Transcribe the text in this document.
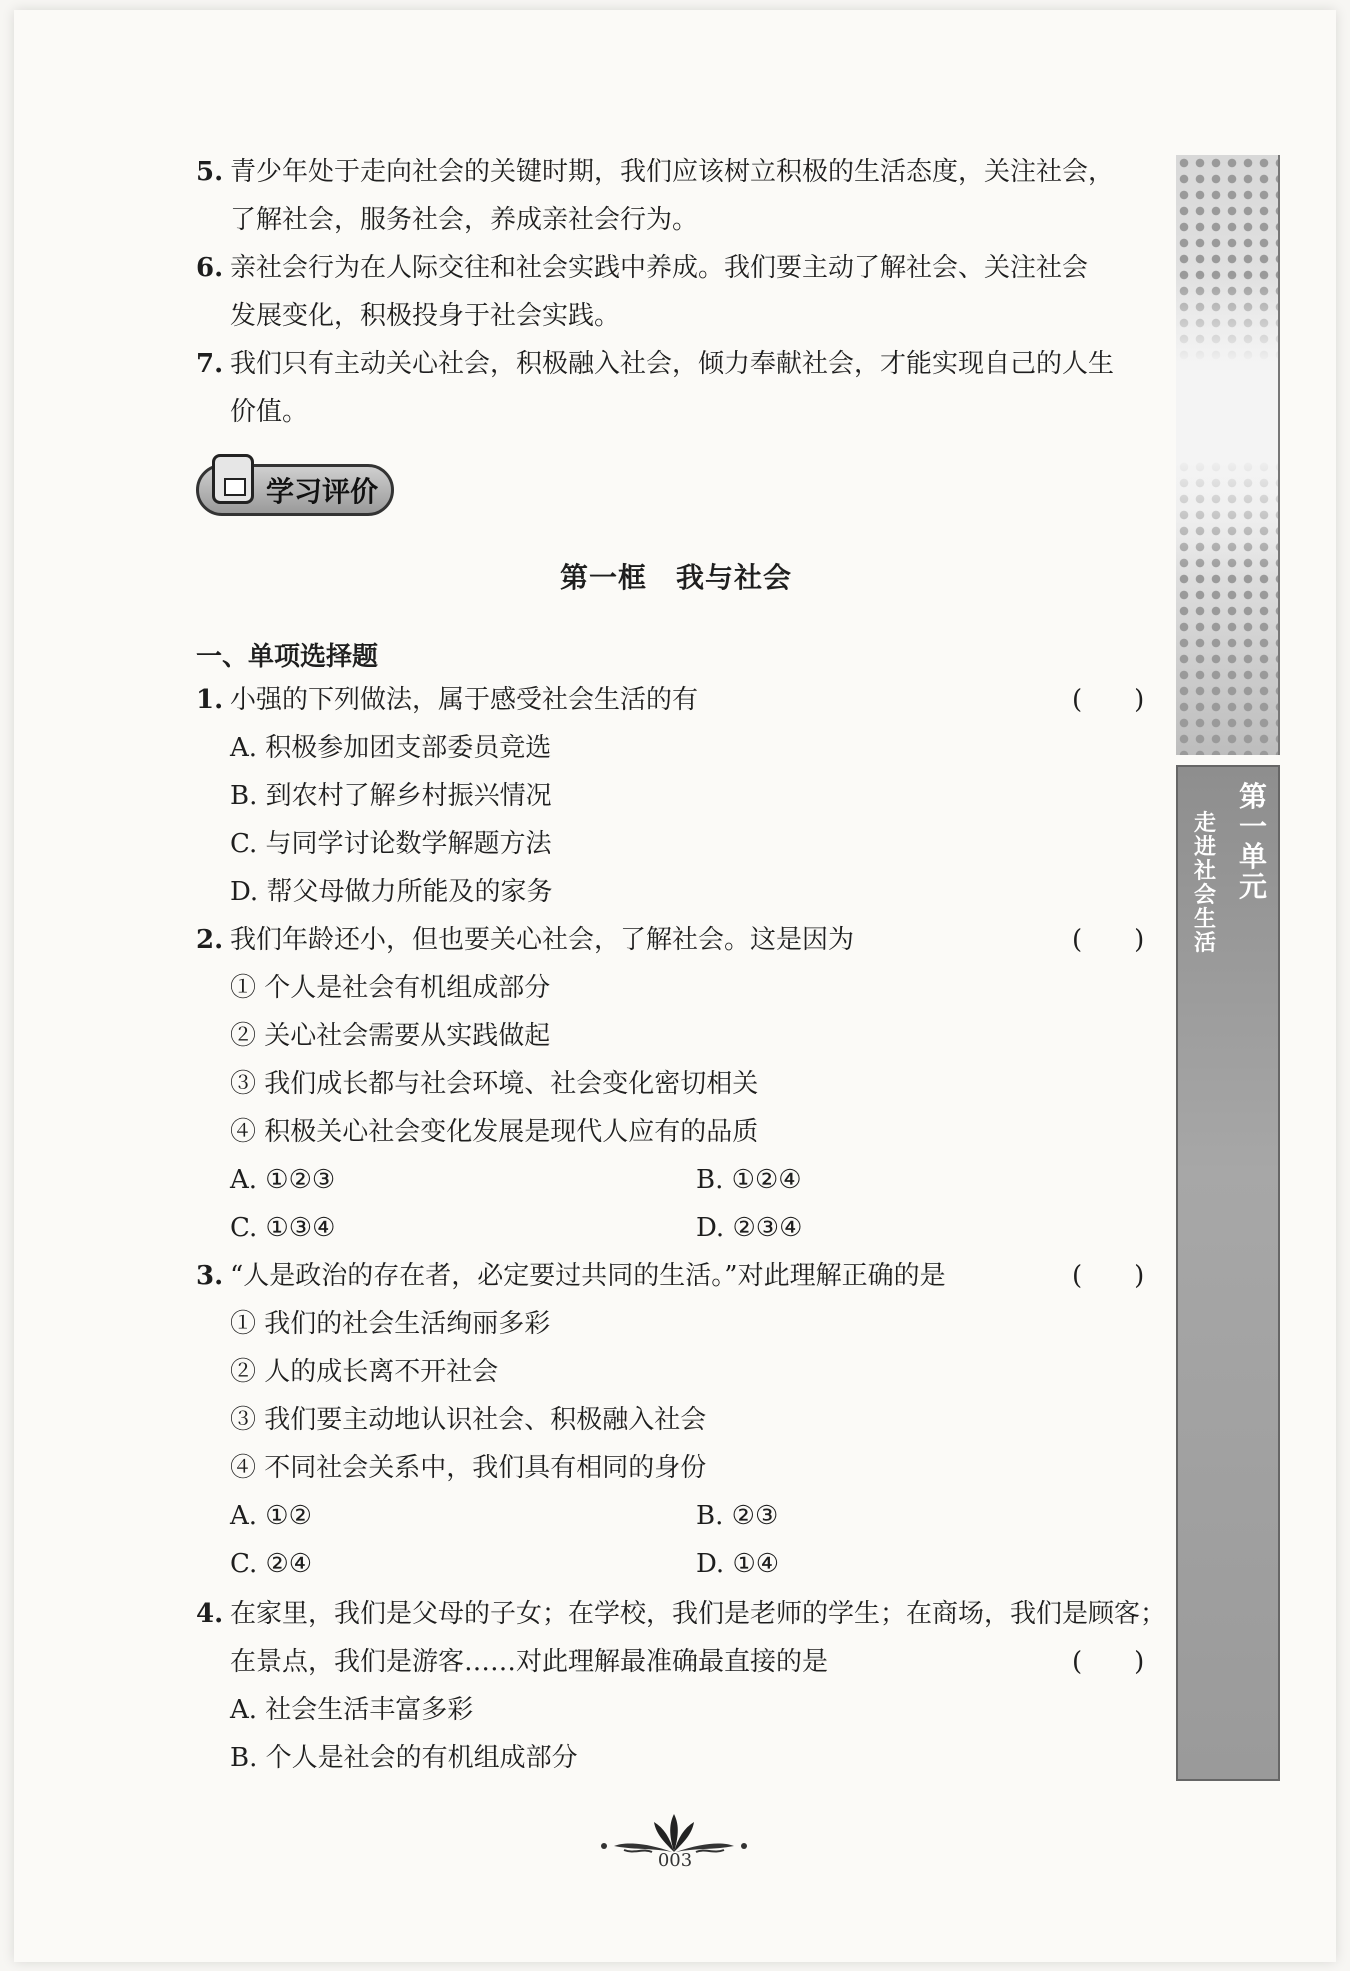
5. 青少年处于走向社会的关键时期，我们应该树立积极的生活态度，关注社会，
了解社会，服务社会，养成亲社会行为。
6. 亲社会行为在人际交往和社会实践中养成。我们要主动了解社会、关注社会
发展变化，积极投身于社会实践。
7. 我们只有主动关心社会，积极融入社会，倾力奉献社会，才能实现自己的人生
价值。
学习评价
第一框　我与社会
一、单项选择题
1. 小强的下列做法，属于感受社会生活的有	(　　)
A. 积极参加团支部委员竞选
B. 到农村了解乡村振兴情况
C. 与同学讨论数学解题方法
D. 帮父母做力所能及的家务
2. 我们年龄还小，但也要关心社会，了解社会。这是因为	(　　)
① 个人是社会有机组成部分
② 关心社会需要从实践做起
③ 我们成长都与社会环境、社会变化密切相关
④ 积极关心社会变化发展是现代人应有的品质
A. ①②③	B. ①②④
C. ①③④	D. ②③④
3. “人是政治的存在者，必定要过共同的生活。”对此理解正确的是	(　　)
① 我们的社会生活绚丽多彩
② 人的成长离不开社会
③ 我们要主动地认识社会、积极融入社会
④ 不同社会关系中，我们具有相同的身份
A. ①②	B. ②③
C. ②④	D. ①④
4. 在家里，我们是父母的子女；在学校，我们是老师的学生；在商场，我们是顾客；
在景点，我们是游客……对此理解最准确最直接的是	(　　)
A. 社会生活丰富多彩
B. 个人是社会的有机组成部分
第一单元
走进社会生活
003
